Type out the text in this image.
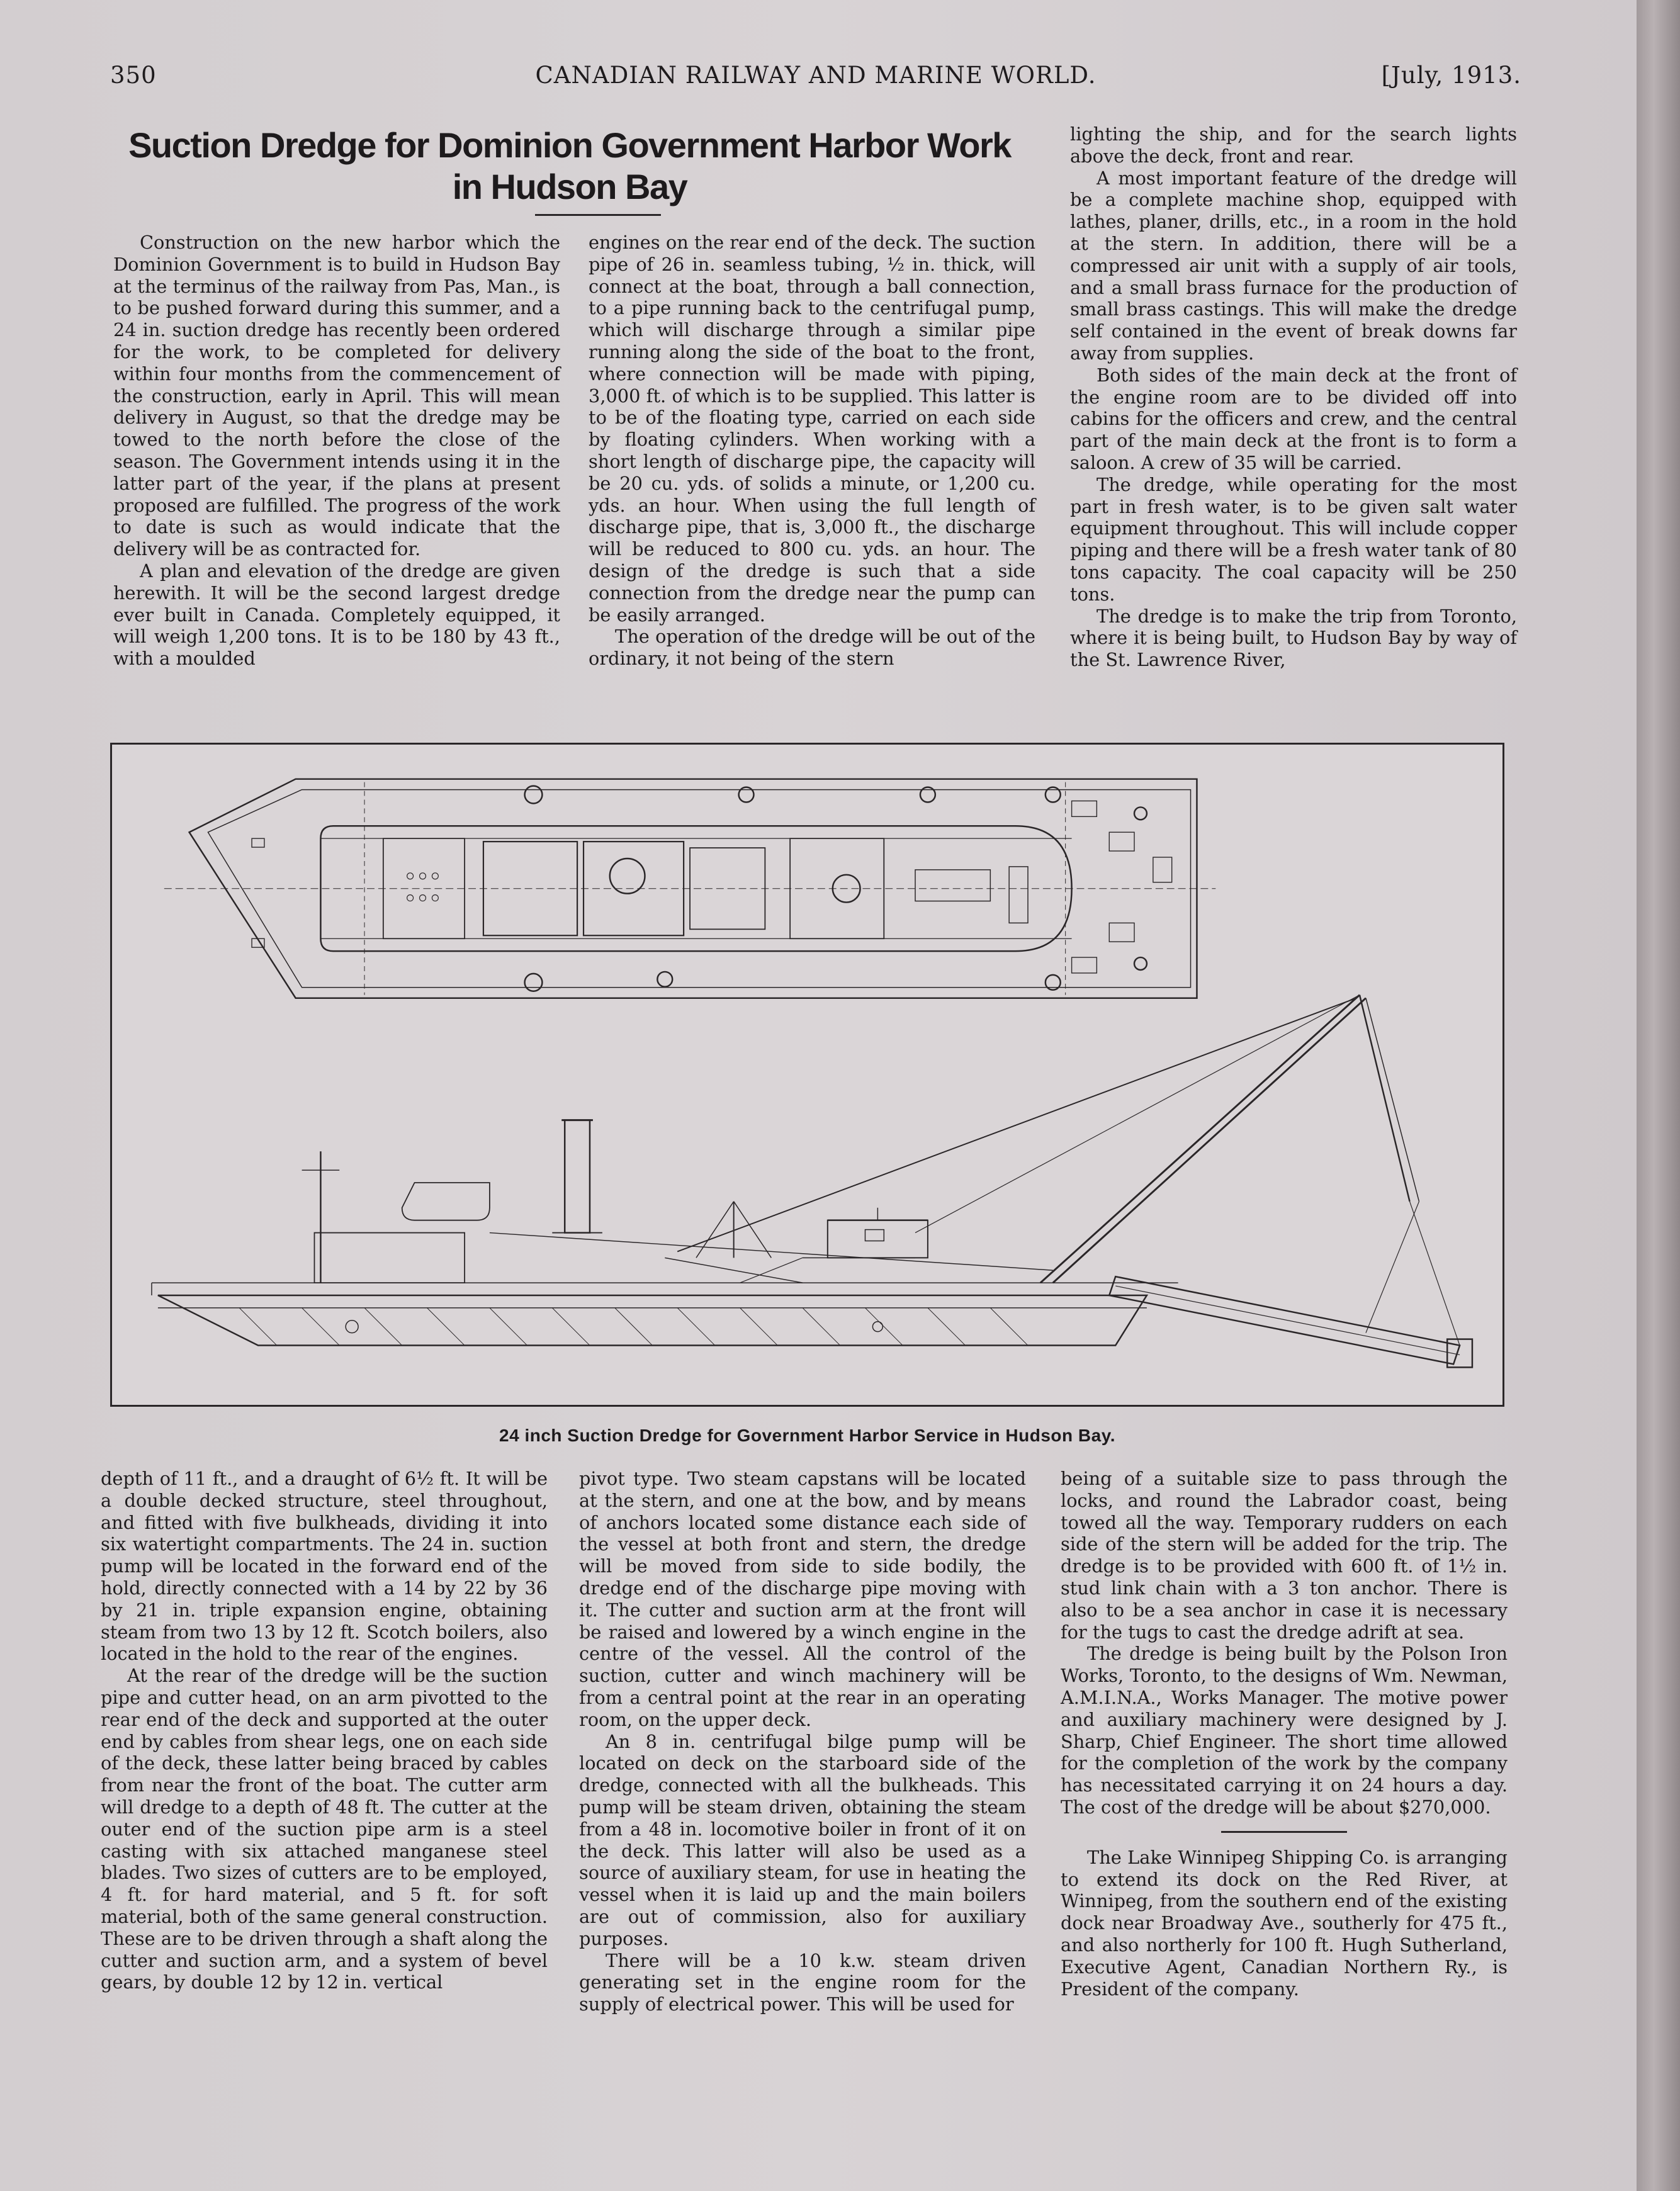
350	CANADIAN RAILWAY AND MARINE WORLD.	[July, 1913.
Suction Dredge for Dominion Government Harbor Work in Hudson Bay

Construction on the new harbor which the Dominion Government is to build in Hudson Bay at the terminus of the railway from Pas, Man., is to be pushed forward during this summer, and a 24 in. suction dredge has recently been ordered for the work, to be completed for delivery within four months from the commencement of the construction, early in April. This will mean delivery in August, so that the dredge may be towed to the north before the close of the season. The Government intends using it in the latter part of the year, if the plans at present proposed are fulfilled. The progress of the work to date is such as would indicate that the delivery will be as contracted for.

A plan and elevation of the dredge are given herewith. It will be the second largest dredge ever built in Canada. Completely equipped, it will weigh 1,200 tons. It is to be 180 by 43 ft., with a moulded

engines on the rear end of the deck. The suction pipe of 26 in. seamless tubing, ½ in. thick, will connect at the boat, through a ball connection, to a pipe running back to the centrifugal pump, which will discharge through a similar pipe running along the side of the boat to the front, where connection will be made with piping, 3,000 ft. of which is to be supplied. This latter is to be of the floating type, carried on each side by floating cylinders. When working with a short length of discharge pipe, the capacity will be 20 cu. yds. of solids a minute, or 1,200 cu. yds. an hour. When using the full length of discharge pipe, that is, 3,000 ft., the discharge will be reduced to 800 cu. yds. an hour. The design of the dredge is such that a side connection from the dredge near the pump can be easily arranged.

The operation of the dredge will be out of the ordinary, it not being of the stern

lighting the ship, and for the search lights above the deck, front and rear.

A most important feature of the dredge will be a complete machine shop, equipped with lathes, planer, drills, etc., in a room in the hold at the stern. In addition, there will be a compressed air unit with a supply of air tools, and a small brass furnace for the production of small brass castings. This will make the dredge self contained in the event of break downs far away from supplies.

Both sides of the main deck at the front of the engine room are to be divided off into cabins for the officers and crew, and the central part of the main deck at the front is to form a saloon. A crew of 35 will be carried.

The dredge, while operating for the most part in fresh water, is to be given salt water equipment throughout. This will include copper piping and there will be a fresh water tank of 80 tons capacity. The coal capacity will be 250 tons.

The dredge is to make the trip from Toronto, where it is being built, to Hudson Bay by way of the St. Lawrence River,

24 inch Suction Dredge for Government Harbor Service in Hudson Bay.

depth of 11 ft., and a draught of 6½ ft. It will be a double decked structure, steel throughout, and fitted with five bulkheads, dividing it into six watertight compartments. The 24 in. suction pump will be located in the forward end of the hold, directly connected with a 14 by 22 by 36 by 21 in. triple expansion engine, obtaining steam from two 13 by 12 ft. Scotch boilers, also located in the hold to the rear of the engines.

At the rear of the dredge will be the suction pipe and cutter head, on an arm pivotted to the rear end of the deck and supported at the outer end by cables from shear legs, one on each side of the deck, these latter being braced by cables from near the front of the boat. The cutter arm will dredge to a depth of 48 ft. The cutter at the outer end of the suction pipe arm is a steel casting with six attached manganese steel blades. Two sizes of cutters are to be employed, 4 ft. for hard material, and 5 ft. for soft material, both of the same general construction. These are to be driven through a shaft along the cutter and suction arm, and a system of bevel gears, by double 12 by 12 in. vertical

pivot type. Two steam capstans will be located at the stern, and one at the bow, and by means of anchors located some distance each side of the vessel at both front and stern, the dredge will be moved from side to side bodily, the dredge end of the discharge pipe moving with it. The cutter and suction arm at the front will be raised and lowered by a winch engine in the centre of the vessel. All the control of the suction, cutter and winch machinery will be from a central point at the rear in an operating room, on the upper deck.

An 8 in. centrifugal bilge pump will be located on deck on the starboard side of the dredge, connected with all the bulkheads. This pump will be steam driven, obtaining the steam from a 48 in. locomotive boiler in front of it on the deck. This latter will also be used as a source of auxiliary steam, for use in heating the vessel when it is laid up and the main boilers are out of commission, also for auxiliary purposes.

There will be a 10 k.w. steam driven generating set in the engine room for the supply of electrical power. This will be used for

being of a suitable size to pass through the locks, and round the Labrador coast, being towed all the way. Temporary rudders on each side of the stern will be added for the trip. The dredge is to be provided with 600 ft. of 1½ in. stud link chain with a 3 ton anchor. There is also to be a sea anchor in case it is necessary for the tugs to cast the dredge adrift at sea.

The dredge is being built by the Polson Iron Works, Toronto, to the designs of Wm. Newman, A.M.I.N.A., Works Manager. The motive power and auxiliary machinery were designed by J. Sharp, Chief Engineer. The short time allowed for the completion of the work by the company has necessitated carrying it on 24 hours a day. The cost of the dredge will be about $270,000.

The Lake Winnipeg Shipping Co. is arranging to extend its dock on the Red River, at Winnipeg, from the southern end of the existing dock near Broadway Ave., southerly for 475 ft., and also northerly for 100 ft. Hugh Sutherland, Executive Agent, Canadian Northern Ry., is President of the company.
